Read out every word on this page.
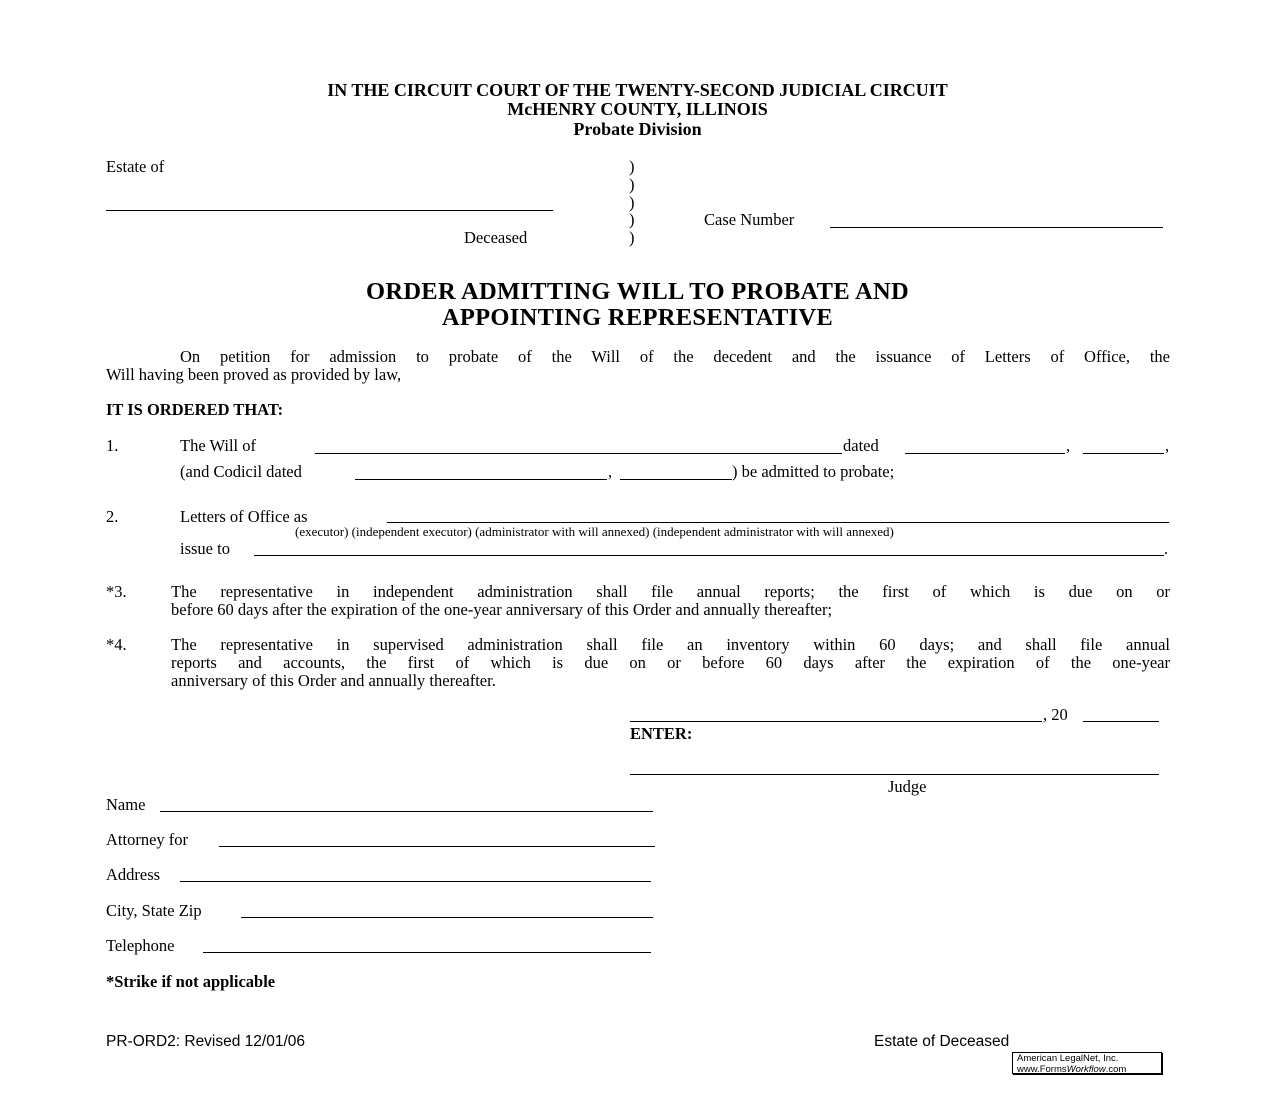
IN THE CIRCUIT COURT OF THE TWENTY-SECOND JUDICIAL CIRCUIT
McHENRY COUNTY, ILLINOIS
Probate Division
Estate of
Deceased
)
)
)
)
)
Case Number
ORDER ADMITTING WILL TO PROBATE AND
APPOINTING REPRESENTATIVE
On petition for admission to probate of the Will of the decedent and the issuance of Letters of Office, the
Will having been proved as provided by law,
IT IS ORDERED THAT:
1.	The Will of	dated	,	,
(and Codicil dated	,	) be admitted to probate;
2.	Letters of Office as
(executor) (independent executor) (administrator with will annexed) (independent administrator with will annexed)
issue to	.
*3.	The representative in independent administration shall file annual reports; the first of which is due on or
before 60 days after the expiration of the one-year anniversary of this Order and annually thereafter;
*4.	The representative in supervised administration shall file an inventory within 60 days; and shall file annual
reports and accounts, the first of which is due on or before 60 days after the expiration of the one-year
anniversary of this Order and annually thereafter.
, 20
ENTER:
Judge
Name
Attorney for
Address
City, State Zip
Telephone
*Strike if not applicable
PR-ORD2: Revised 12/01/06	Estate of Deceased
American LegalNet, Inc.
www.FormsWorkflow.com
